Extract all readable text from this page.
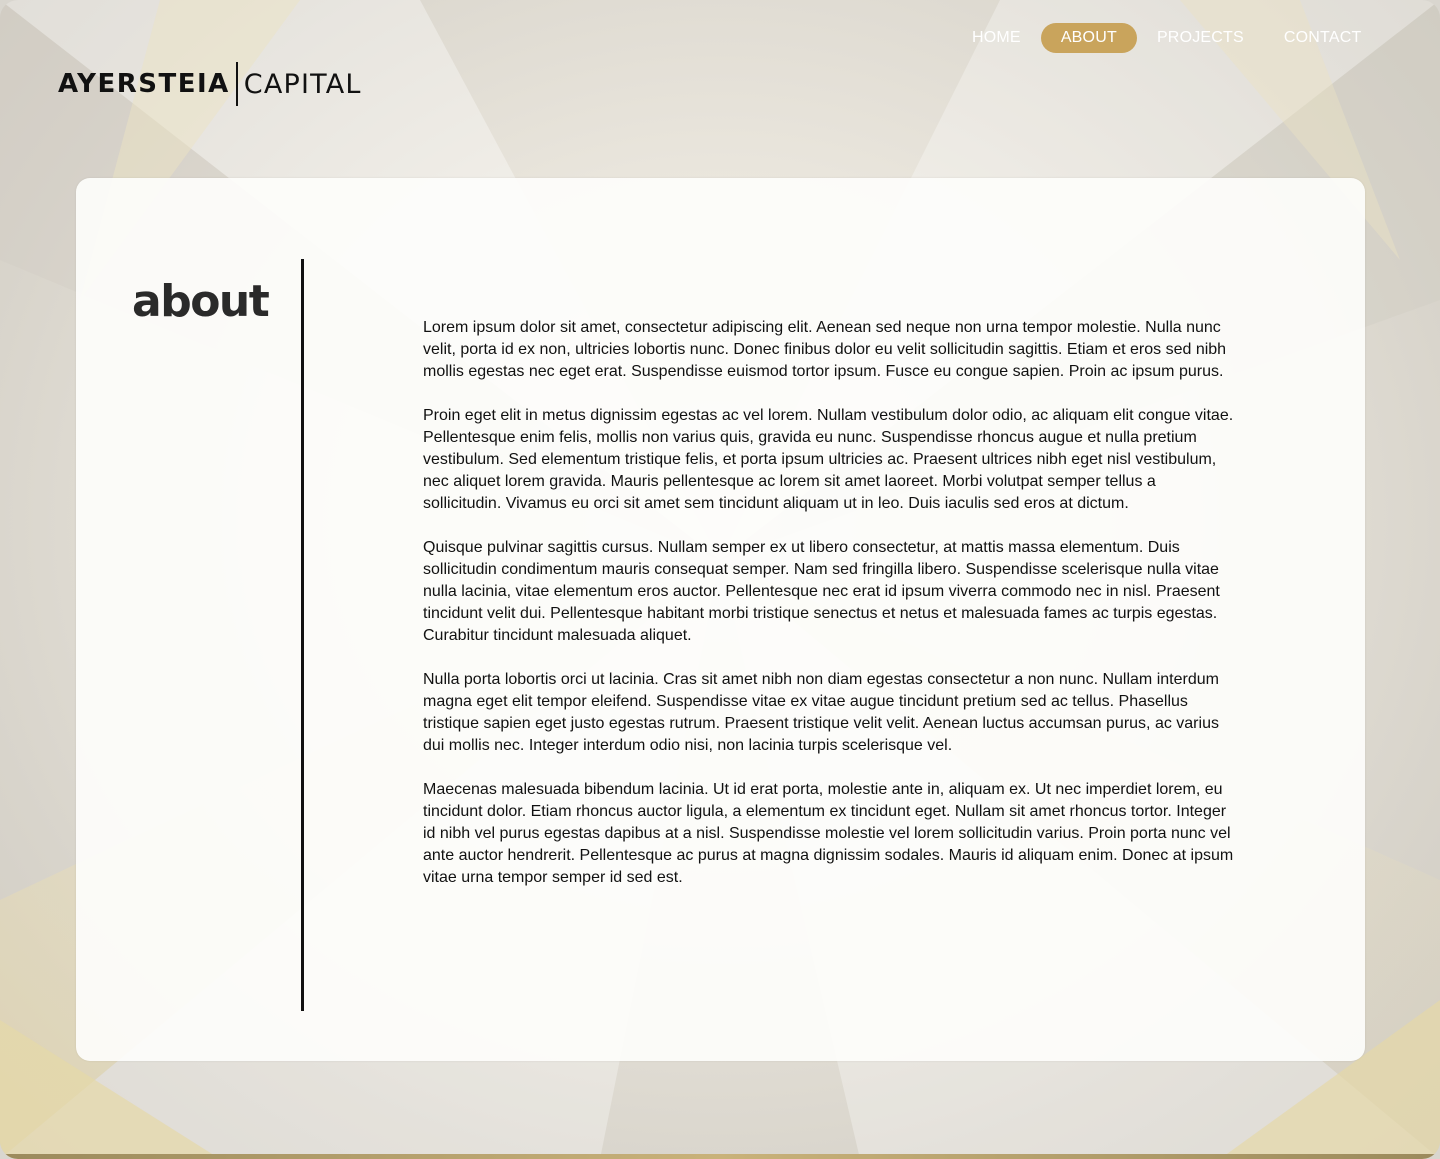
AYERSTEIA CAPITAL
HOME	ABOUT	PROJECTS	CONTACT
about

Lorem ipsum dolor sit amet, consectetur adipiscing elit. Aenean sed neque non urna tempor molestie. Nulla nunc velit, porta id ex non, ultricies lobortis nunc. Donec finibus dolor eu velit sollicitudin sagittis. Etiam et eros sed nibh mollis egestas nec eget erat. Suspendisse euismod tortor ipsum. Fusce eu congue sapien. Proin ac ipsum purus.

Proin eget elit in metus dignissim egestas ac vel lorem. Nullam vestibulum dolor odio, ac aliquam elit congue vitae. Pellentesque enim felis, mollis non varius quis, gravida eu nunc. Suspendisse rhoncus augue et nulla pretium vestibulum. Sed elementum tristique felis, et porta ipsum ultricies ac. Praesent ultrices nibh eget nisl vestibulum, nec aliquet lorem gravida. Mauris pellentesque ac lorem sit amet laoreet. Morbi volutpat semper tellus a sollicitudin. Vivamus eu orci sit amet sem tincidunt aliquam ut in leo. Duis iaculis sed eros at dictum.

Quisque pulvinar sagittis cursus. Nullam semper ex ut libero consectetur, at mattis massa elementum. Duis sollicitudin condimentum mauris consequat semper. Nam sed fringilla libero. Suspendisse scelerisque nulla vitae nulla lacinia, vitae elementum eros auctor. Pellentesque nec erat id ipsum viverra commodo nec in nisl. Praesent tincidunt velit dui. Pellentesque habitant morbi tristique senectus et netus et malesuada fames ac turpis egestas. Curabitur tincidunt malesuada aliquet.

Nulla porta lobortis orci ut lacinia. Cras sit amet nibh non diam egestas consectetur a non nunc. Nullam interdum magna eget elit tempor eleifend. Suspendisse vitae ex vitae augue tincidunt pretium sed ac tellus. Phasellus tristique sapien eget justo egestas rutrum. Praesent tristique velit velit. Aenean luctus accumsan purus, ac varius dui mollis nec. Integer interdum odio nisi, non lacinia turpis scelerisque vel.

Maecenas malesuada bibendum lacinia. Ut id erat porta, molestie ante in, aliquam ex. Ut nec imperdiet lorem, eu tincidunt dolor. Etiam rhoncus auctor ligula, a elementum ex tincidunt eget. Nullam sit amet rhoncus tortor. Integer id nibh vel purus egestas dapibus at a nisl. Suspendisse molestie vel lorem sollicitudin varius. Proin porta nunc vel ante auctor hendrerit. Pellentesque ac purus at magna dignissim sodales. Mauris id aliquam enim. Donec at ipsum vitae urna tempor semper id sed est.
